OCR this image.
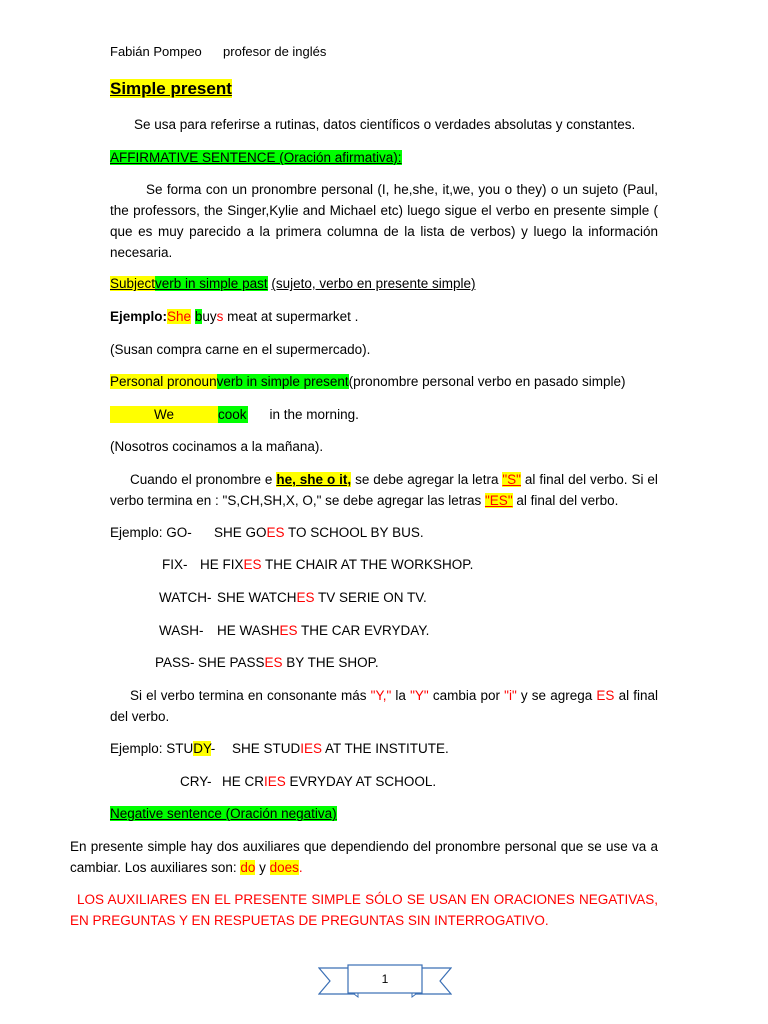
Fabián Pompeo profesor de inglés
Simple present
Se usa para referirse a rutinas, datos científicos o verdades absolutas y constantes.
AFFIRMATIVE SENTENCE (Oración afirmativa):
Se forma con un pronombre personal (I, he,she, it,we, you o they) o un sujeto (Paul, the professors, the Singer,Kylie and Michael etc) luego sigue el verbo en presente simple ( que es muy parecido a la primera columna de la lista de verbos) y luego la información necesaria.
Subjectverb in simple past (sujeto, verbo en presente simple)
Ejemplo:She buys meat at supermarket .
(Susan compra carne en el supermercado).
Personal pronounverb in simple present(pronombre personal verbo en pasado simple)
We	cook in the morning.
(Nosotros cocinamos a la mañana).
Cuando el pronombre e he, she o it, se debe agregar la letra "S" al final del verbo. Si el verbo termina en : "S,CH,SH,X, O," se debe agregar las letras "ES" al final del verbo.
Ejemplo: GO- SHE GOES TO SCHOOL BY BUS.
FIX- HE FIXES THE CHAIR AT THE WORKSHOP.
WATCH- SHE WATCHES TV SERIE ON TV.
WASH- HE WASHES THE CAR EVRYDAY.
PASS- SHE PASSES BY THE SHOP.
Si el verbo termina en consonante más "Y," la "Y" cambia por "i" y se agrega ES al final del verbo.
Ejemplo: STUDY- SHE STUDIES AT THE INSTITUTE.
CRY- HE CRIES EVRYDAY AT SCHOOL.
Negative sentence (Oración negativa)
En presente simple hay dos auxiliares que dependiendo del pronombre personal que se use va a cambiar. Los auxiliares son: do y does.
LOS AUXILIARES EN EL PRESENTE SIMPLE SÓLO SE USAN EN ORACIONES NEGATIVAS, EN PREGUNTAS Y EN RESPUETAS DE PREGUNTAS SIN INTERROGATIVO.
1
